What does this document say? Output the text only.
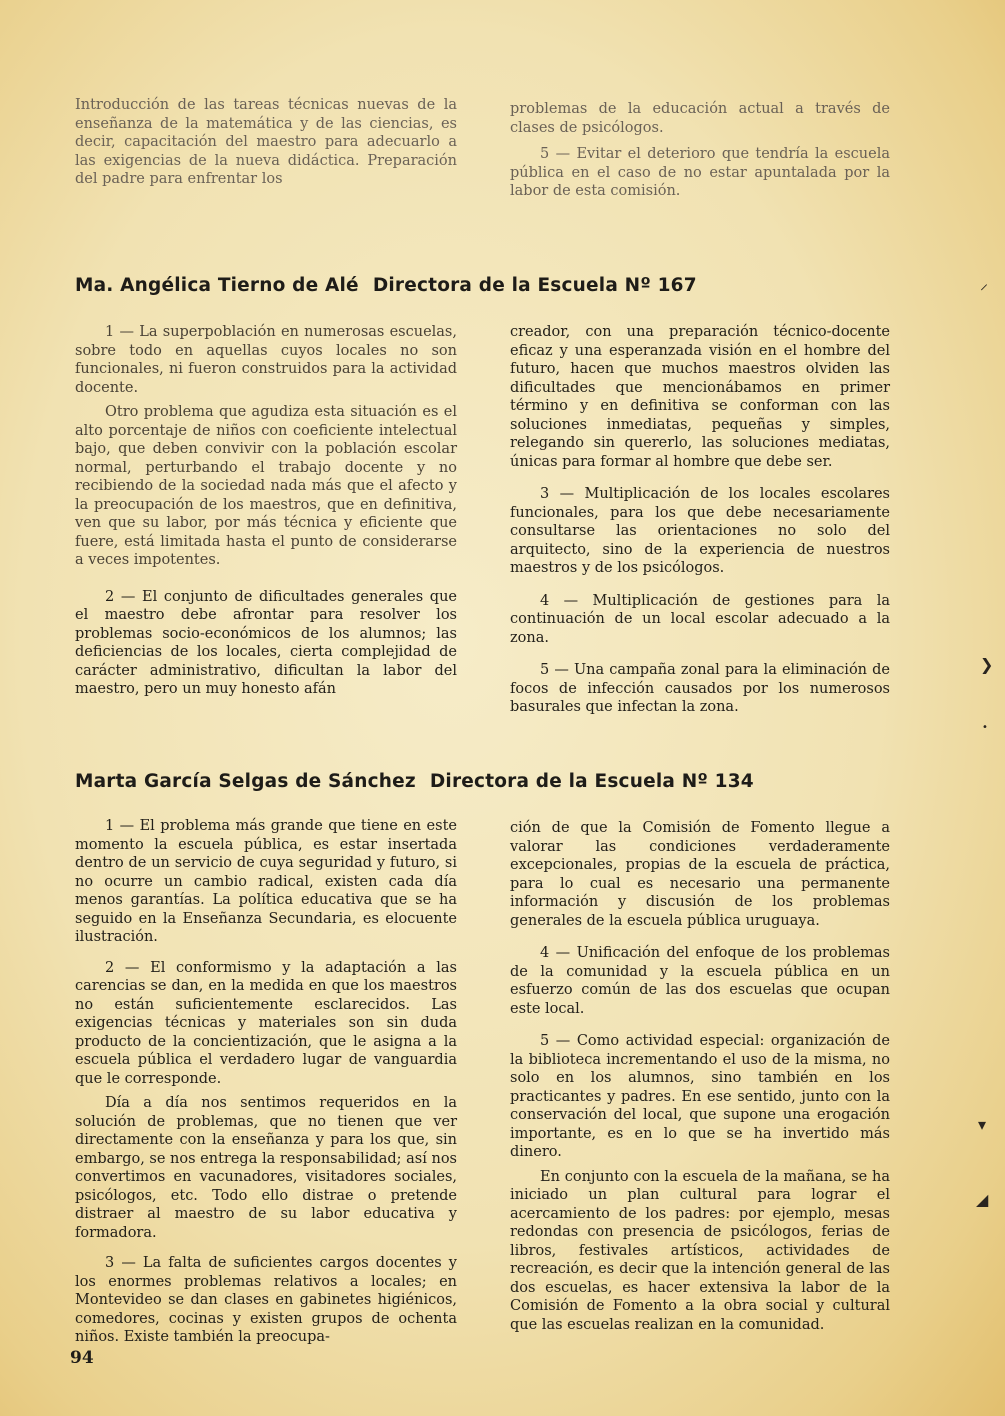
Introducción de las tareas técnicas nuevas de la enseñanza de la matemática y de las ciencias, es decir, capacitación del maestro para adecuarlo a las exigencias de la nueva didáctica. Preparación del padre para enfrentar los

problemas de la educación actual a través de clases de psicólogos.

5 — Evitar el deterioro que tendría la escuela pública en el caso de no estar apuntalada por la labor de esta comisión.

Ma. Angélica Tierno de Alé Directora de la Escuela Nº 167

1 — La superpoblación en numerosas escuelas, sobre todo en aquellas cuyos locales no son funcionales, ni fueron construidos para la actividad docente.

Otro problema que agudiza esta situación es el alto porcentaje de niños con coeficiente intelectual bajo, que deben convivir con la población escolar normal, perturbando el trabajo docente y no recibiendo de la sociedad nada más que el afecto y la preocupación de los maestros, que en definitiva, ven que su labor, por más técnica y eficiente que fuere, está limitada hasta el punto de considerarse a veces impotentes.

2 — El conjunto de dificultades generales que el maestro debe afrontar para resolver los problemas socio-económicos de los alumnos; las deficiencias de los locales, cierta complejidad de carácter administrativo, dificultan la labor del maestro, pero un muy honesto afán

creador, con una preparación técnico-docente eficaz y una esperanzada visión en el hombre del futuro, hacen que muchos maestros olviden las dificultades que mencionábamos en primer término y en definitiva se conforman con las soluciones inmediatas, pequeñas y simples, relegando sin quererlo, las soluciones mediatas, únicas para formar al hombre que debe ser.

3 — Multiplicación de los locales escolares funcionales, para los que debe necesariamente consultarse las orientaciones no solo del arquitecto, sino de la experiencia de nuestros maestros y de los psicólogos.

4 — Multiplicación de gestiones para la continuación de un local escolar adecuado a la zona.

5 — Una campaña zonal para la eliminación de focos de infección causados por los numerosos basurales que infectan la zona.

Marta García Selgas de Sánchez Directora de la Escuela Nº 134

1 — El problema más grande que tiene en este momento la escuela pública, es estar insertada dentro de un servicio de cuya seguridad y futuro, si no ocurre un cambio radical, existen cada día menos garantías. La política educativa que se ha seguido en la Enseñanza Secundaria, es elocuente ilustración.

2 — El conformismo y la adaptación a las carencias se dan, en la medida en que los maestros no están suficientemente esclarecidos. Las exigencias técnicas y materiales son sin duda producto de la concientización, que le asigna a la escuela pública el verdadero lugar de vanguardia que le corresponde.

Día a día nos sentimos requeridos en la solución de problemas, que no tienen que ver directamente con la enseñanza y para los que, sin embargo, se nos entrega la responsabilidad; así nos convertimos en vacunadores, visitadores sociales, psicólogos, etc. Todo ello distrae o pretende distraer al maestro de su labor educativa y formadora.

3 — La falta de suficientes cargos docentes y los enormes problemas relativos a locales; en Montevideo se dan clases en gabinetes higiénicos, comedores, cocinas y existen grupos de ochenta niños. Existe también la preocupa-

ción de que la Comisión de Fomento llegue a valorar las condiciones verdaderamente excepcionales, propias de la escuela de práctica, para lo cual es necesario una permanente información y discusión de los problemas generales de la escuela pública uruguaya.

4 — Unificación del enfoque de los problemas de la comunidad y la escuela pública en un esfuerzo común de las dos escuelas que ocupan este local.

5 — Como actividad especial: organización de la biblioteca incrementando el uso de la misma, no solo en los alumnos, sino también en los practicantes y padres. En ese sentido, junto con la conservación del local, que supone una erogación importante, es en lo que se ha invertido más dinero.

En conjunto con la escuela de la mañana, se ha iniciado un plan cultural para lograr el acercamiento de los padres: por ejemplo, mesas redondas con presencia de psicólogos, ferias de libros, festivales artísticos, actividades de recreación, es decir que la intención general de las dos escuelas, es hacer extensiva la labor de la Comisión de Fomento a la obra social y cultural que las escuelas realizan en la comunidad.

94
⸝
❯
•
▾
◢
